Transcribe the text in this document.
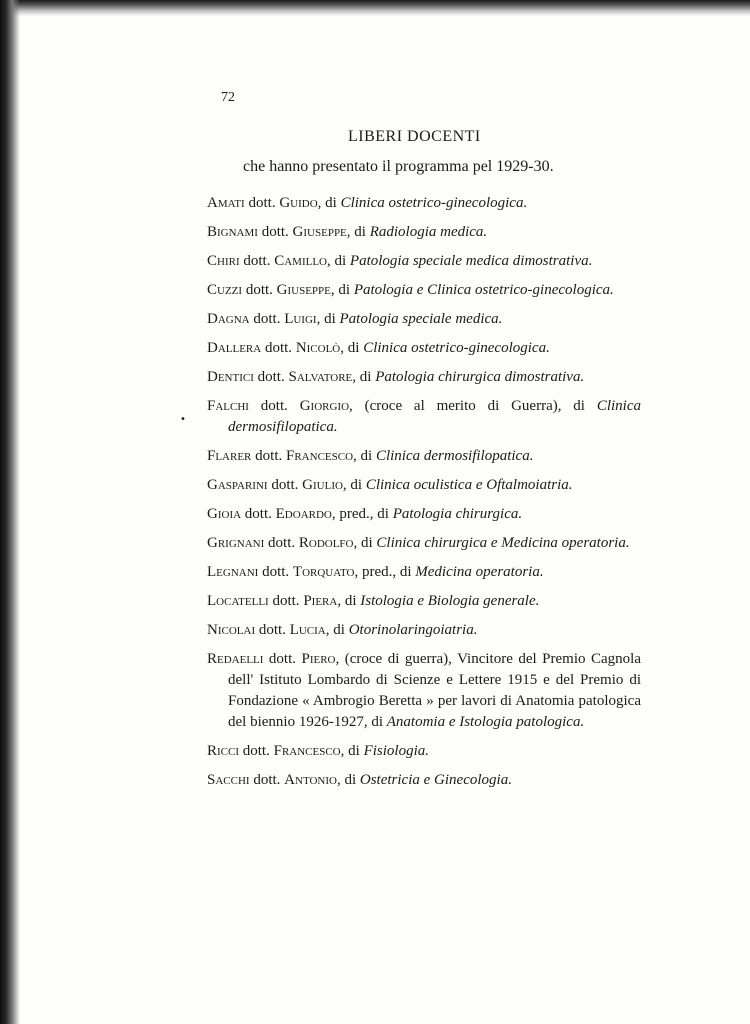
72
LIBERI DOCENTI
che hanno presentato il programma pel 1929-30.
•
Amati dott. Guido, di Clinica ostetrico-ginecologica.
Bignami dott. Giuseppe, di Radiologia medica.
Chiri dott. Camillo, di Patologia speciale medica dimostrativa.
Cuzzi dott. Giuseppe, di Patologia e Clinica ostetrico-ginecologica.
Dagna dott. Luigi, di Patologia speciale medica.
Dallera dott. Nicolò, di Clinica ostetrico-ginecologica.
Dentici dott. Salvatore, di Patologia chirurgica dimostrativa.
Falchi dott. Giorgio, (croce al merito di Guerra), di Clinica dermosifilopatica.
Flarer dott. Francesco, di Clinica dermosifilopatica.
Gasparini dott. Giulio, di Clinica oculistica e Oftalmoiatria.
Gioia dott. Edoardo, pred., di Patologia chirurgica.
Grignani dott. Rodolfo, di Clinica chirurgica e Medicina operatoria.
Legnani dott. Torquato, pred., di Medicina operatoria.
Locatelli dott. Piera, di Istologia e Biologia generale.
Nicolai dott. Lucia, di Otorinolaringoiatria.
Redaelli dott. Piero, (croce di guerra), Vincitore del Premio Cagnola dell' Istituto Lombardo di Scienze e Lettere 1915 e del Premio di Fondazione « Ambrogio Beretta » per lavori di Anatomia patologica del biennio 1926-1927, di Anatomia e Istologia patologica.
Ricci dott. Francesco, di Fisiologia.
Sacchi dott. Antonio, di Ostetricia e Ginecologia.
